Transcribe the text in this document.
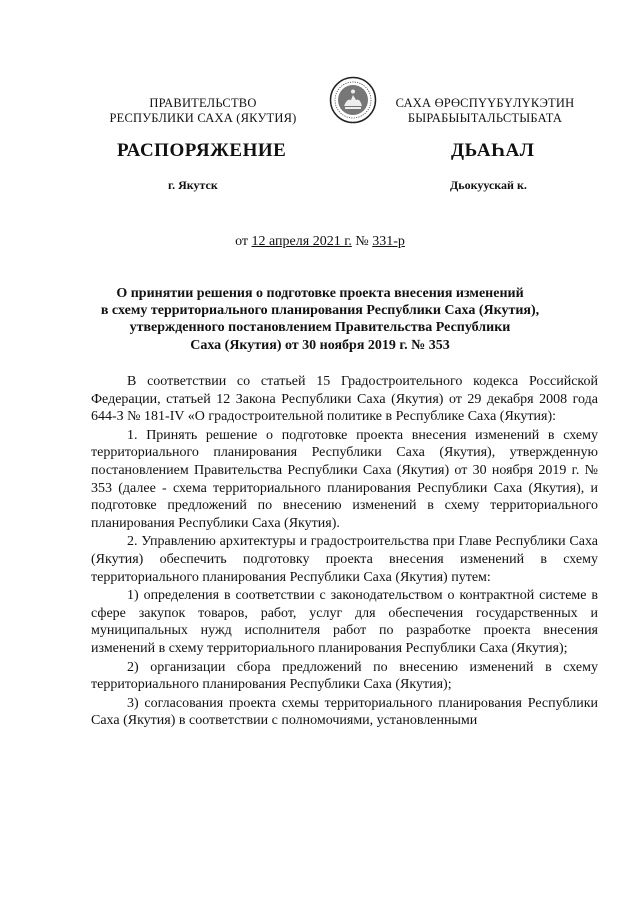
ПРАВИТЕЛЬСТВО
РЕСПУБЛИКИ САХА (ЯКУТИЯ)
САХА ӨРӨСПҮҮБҮЛҮКЭТИН
БЫРАБЫЫТАЛЬСТЫБАТА
РАСПОРЯЖЕНИЕ	ДЬАҺАЛ
г. Якутск	Дьокуускай к.
от 12 апреля 2021 г. № 331-р
О принятии решения о подготовке проекта внесения изменений
в схему территориального планирования Республики Саха (Якутия),
утвержденного постановлением Правительства Республики
Саха (Якутия) от 30 ноября 2019 г. № 353

В соответствии со статьей 15 Градостроительного кодекса Российской Федерации, статьей 12 Закона Республики Саха (Якутия) от 29 декабря 2008 года 644-З № 181-IV «О градостроительной политике в Республике Саха (Якутия):

1. Принять решение о подготовке проекта внесения изменений в схему территориального планирования Республики Саха (Якутия), утвержденную постановлением Правительства Республики Саха (Якутия) от 30 ноября 2019 г. № 353 (далее - схема территориального планирования Республики Саха (Якутия), и подготовке предложений по внесению изменений в схему территориального планирования Республики Саха (Якутия).

2. Управлению архитектуры и градостроительства при Главе Республики Саха (Якутия) обеспечить подготовку проекта внесения изменений в схему территориального планирования Республики Саха (Якутия) путем:

1) определения в соответствии с законодательством о контрактной системе в сфере закупок товаров, работ, услуг для обеспечения государственных и муниципальных нужд исполнителя работ по разработке проекта внесения изменений в схему территориального планирования Республики Саха (Якутия);

2) организации сбора предложений по внесению изменений в схему территориального планирования Республики Саха (Якутия);

3) согласования проекта схемы территориального планирования Республики Саха (Якутия) в соответствии с полномочиями, установленными
